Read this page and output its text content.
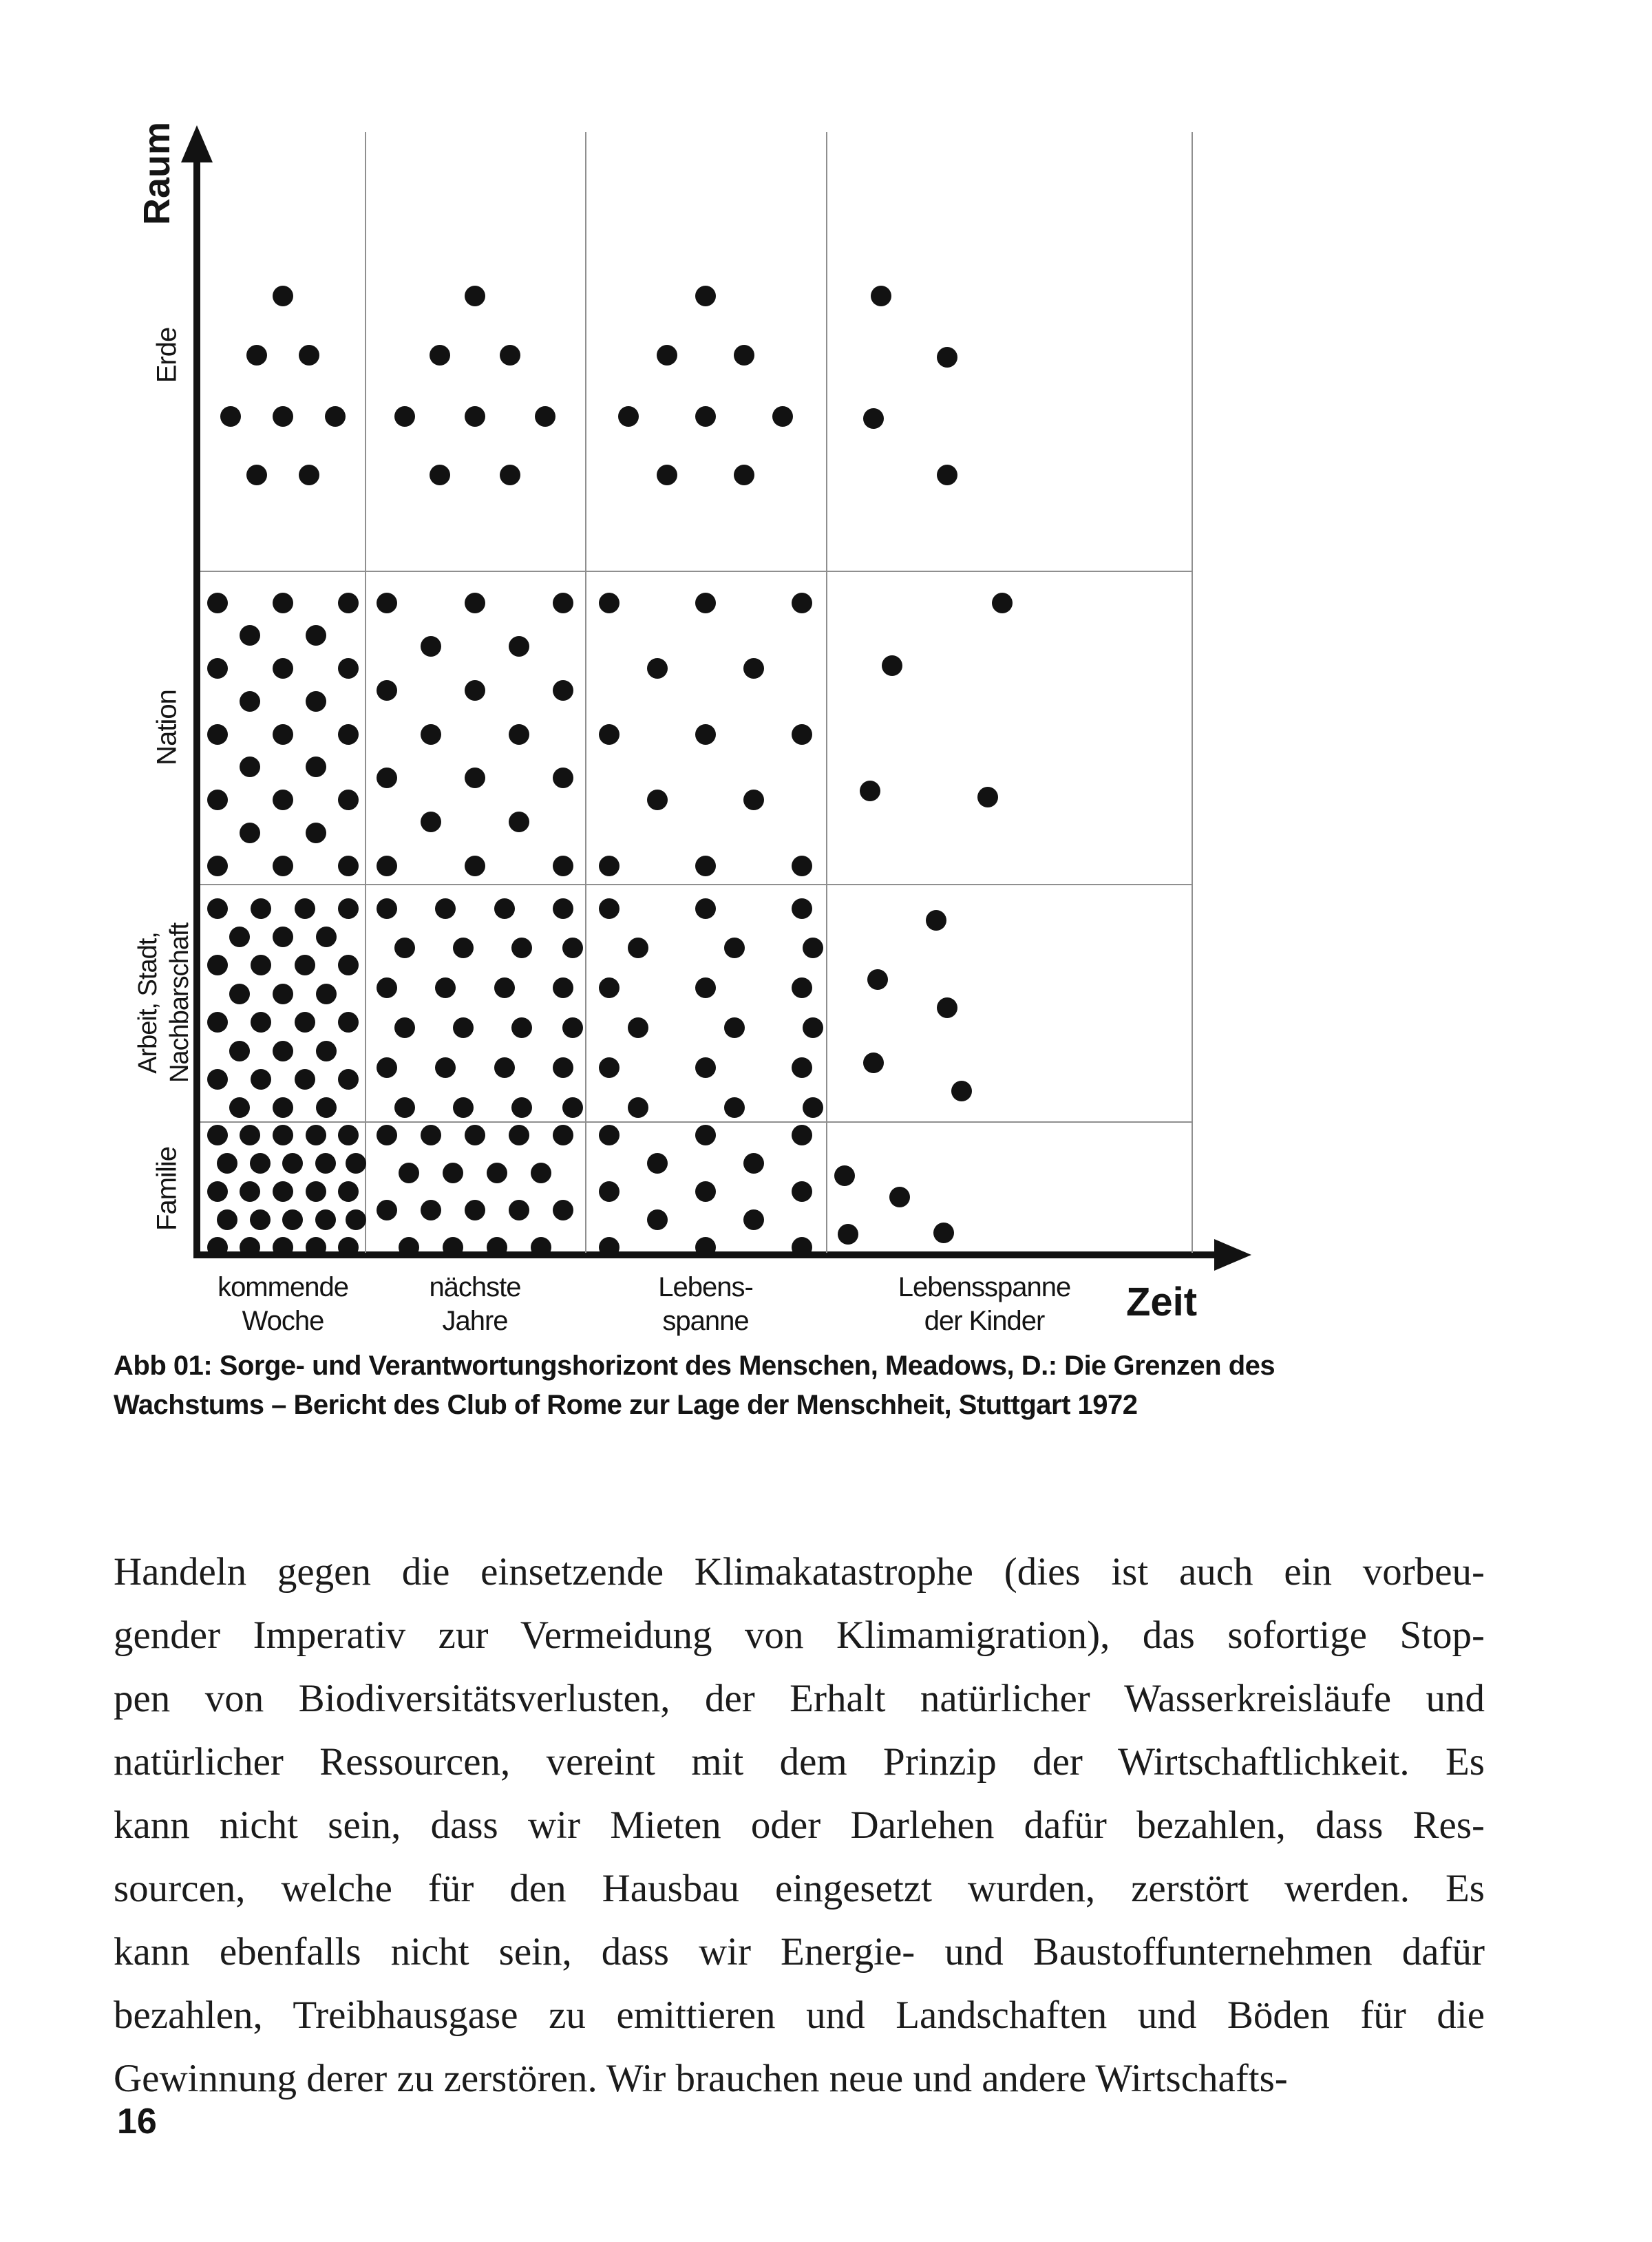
Raum
Zeit
Erde
Nation
Arbeit, Stadt, Nachbarschaft
Familie
kommende
Woche
nächste
Jahre
Lebens-
spanne
Lebensspanne
der Kinder
Abb 01: Sorge- und Verantwortungshorizont des Menschen, Meadows, D.: Die Grenzen des
Wachstums – Bericht des Club of Rome zur Lage der Menschheit, Stuttgart 1972
Handeln gegen die einsetzende Klimakatastrophe (dies ist auch ein vorbeu-
gender Imperativ zur Vermeidung von Klimamigration), das sofortige Stop-
pen von Biodiversitätsverlusten, der Erhalt natürlicher Wasserkreisläufe und
natürlicher Ressourcen, vereint mit dem Prinzip der Wirtschaftlichkeit. Es
kann nicht sein, dass wir Mieten oder Darlehen dafür bezahlen, dass Res-
sourcen, welche für den Hausbau eingesetzt wurden, zerstört werden. Es
kann ebenfalls nicht sein, dass wir Energie- und Baustoffunternehmen dafür
bezahlen, Treibhausgase zu emittieren und Landschaften und Böden für die
Gewinnung derer zu zerstören. Wir brauchen neue und andere Wirtschafts-
16
